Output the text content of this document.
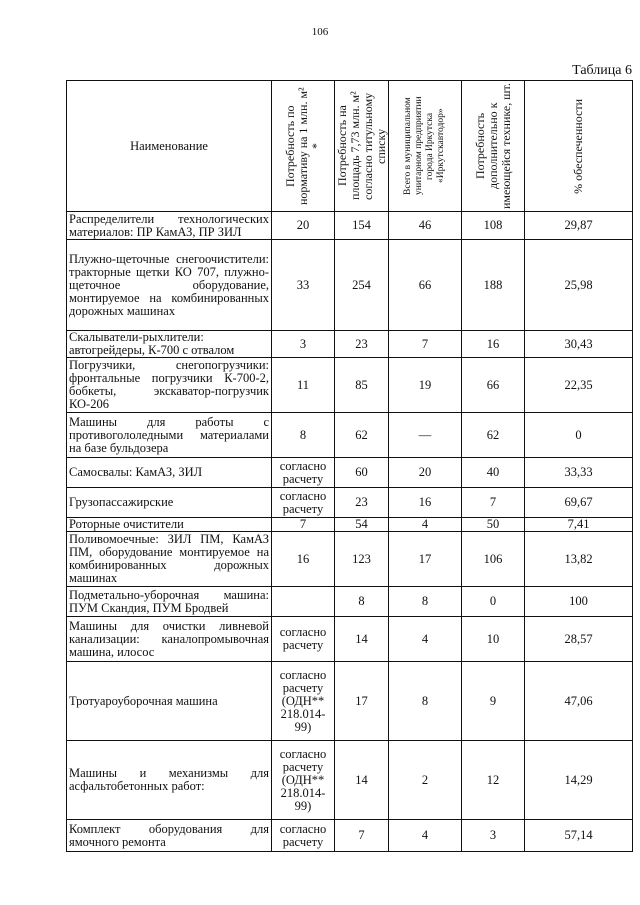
106
Таблица 6
Наименование	Потребность по нормативу на 1 млн. м² *	Потребность на площадь 7,73 млн. м² согласно титульному списку	Всего в муниципальном унитарном предприятии города Иркутска «Иркутскавтодор»	Потребность дополнительно к имеющейся технике, шт.	% обеспеченности

Распределители технологических материалов: ПР КамАЗ, ПР ЗИЛ	20	154	46	108	29,87
Плужно-щеточные снегоочистители: тракторные щетки КО 707, плужно-щеточное оборудование, монтируемое на комбинированных дорожных машинах	33	254	66	188	25,98
Скалыватели-рыхлители: автогрейдеры, К-700 с отвалом	3	23	7	16	30,43
Погрузчики, снегопогрузчики: фронтальные погрузчики К-700-2, бобкеты, экскаватор-погрузчик КО-206	11	85	19	66	22,35
Машины для работы с противогололедными материалами на базе бульдозера	8	62	—	62	0
Самосвалы: КамАЗ, ЗИЛ	согласно расчету	60	20	40	33,33
Грузопассажирские	согласно расчету	23	16	7	69,67
Роторные очистители	7	54	4	50	7,41
Поливомоечные: ЗИЛ ПМ, КамАЗ ПМ, оборудование монтируемое на комбинированных дорожных машинах	16	123	17	106	13,82
Подметально-уборочная машина: ПУМ Скандия, ПУМ Бродвей		8	8	0	100
Машины для очистки ливневой канализации: каналопромывочная машина, илосос	согласно расчету	14	4	10	28,57
Тротуароуборочная машина	согласно расчету (ОДН** 218.014-99)	17	8	9	47,06
Машины и механизмы для асфальтобетонных работ:	согласно расчету (ОДН** 218.014-99)	14	2	12	14,29
Комплект оборудования для ямочного ремонта	согласно расчету	7	4	3	57,14
